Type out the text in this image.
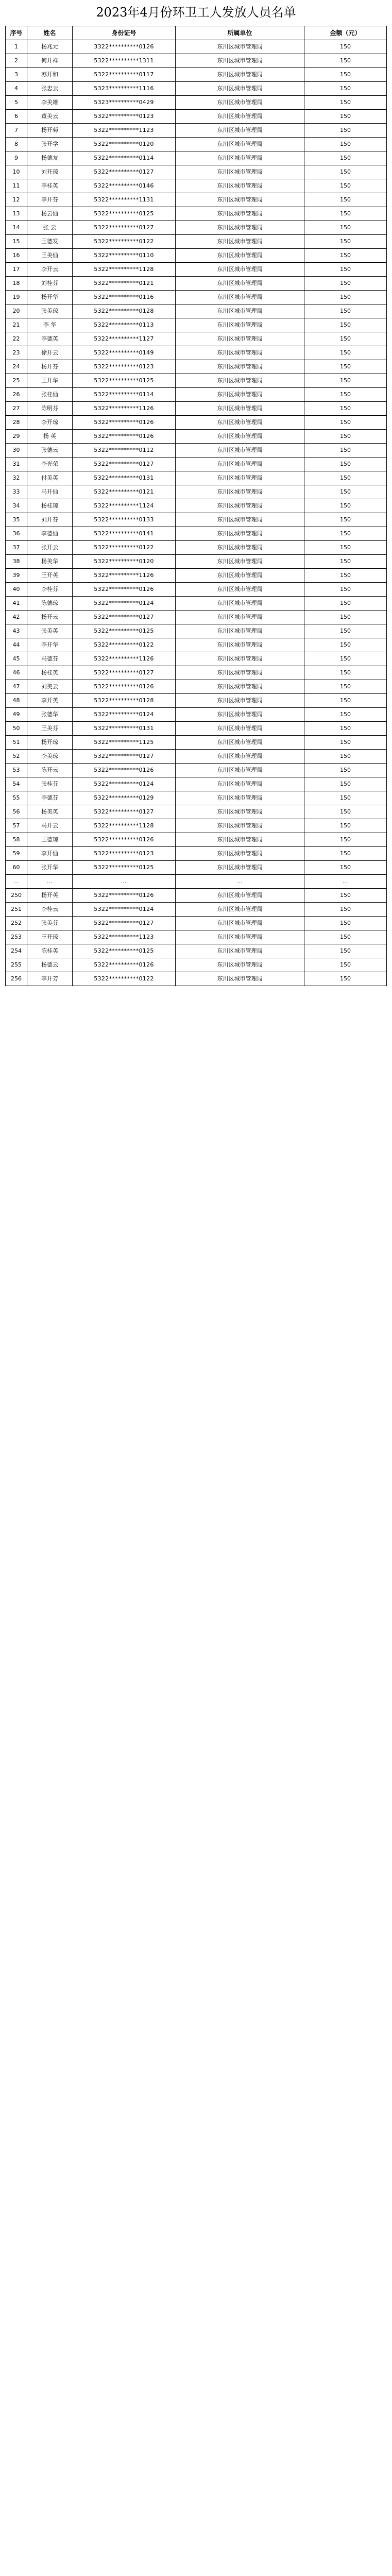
2023年4月份环卫工人发放人员名单
序号	姓名	身份证号	所属单位	金额（元）
1	杨兆元	3322**********0126	东川区城市管理局	150
2	何开祥	5322**********1311	东川区城市管理局	150
3	苏开和	5322**********0117	东川区城市管理局	150
4	张忠云	5323**********1116	东川区城市管理局	150
5	李美雄	5323**********0429	东川区城市管理局	150
6	董美云	5322**********0123	东川区城市管理局	150
7	杨开菊	5322**********1123	东川区城市管理局	150
8	张开学	5322**********0120	东川区城市管理局	150
9	杨德友	5322**********0114	东川区城市管理局	150
10	刘开琼	5322**********0127	东川区城市管理局	150
11	李桂英	5322**********0146	东川区城市管理局	150
12	李开芬	5322**********1131	东川区城市管理局	150
13	杨云仙	5322**********0125	东川区城市管理局	150
14	张 云	5322**********0127	东川区城市管理局	150
15	王德发	5322**********0122	东川区城市管理局	150
16	王美仙	5322**********0110	东川区城市管理局	150
17	李开云	5322**********1128	东川区城市管理局	150
18	刘桂芬	5322**********0121	东川区城市管理局	150
19	杨开华	5322**********0116	东川区城市管理局	150
20	张美琼	5322**********0128	东川区城市管理局	150
21	李 华	5322**********0113	东川区城市管理局	150
22	李德英	5322**********1127	东川区城市管理局	150
23	徐开云	5322**********0149	东川区城市管理局	150
24	杨开芬	5322**********0123	东川区城市管理局	150
25	王开华	5322**********0125	东川区城市管理局	150
26	张桂仙	5322**********0114	东川区城市管理局	150
27	陈明芬	5322**********1126	东川区城市管理局	150
28	李开琼	5322**********0126	东川区城市管理局	150
29	杨 英	5322**********0126	东川区城市管理局	150
30	张德云	5322**********0112	东川区城市管理局	150
31	李光荣	5322**********0127	东川区城市管理局	150
32	付美英	5322**********0131	东川区城市管理局	150
33	马开仙	5322**********0121	东川区城市管理局	150
34	杨桂琼	5322**********1124	东川区城市管理局	150
35	刘开芬	5322**********0133	东川区城市管理局	150
36	李德仙	5322**********0141	东川区城市管理局	150
37	张开云	5322**********0122	东川区城市管理局	150
38	杨美华	5322**********0120	东川区城市管理局	150
39	王开英	5322**********1126	东川区城市管理局	150
40	李桂芬	5322**********0126	东川区城市管理局	150
41	陈德琼	5322**********0124	东川区城市管理局	150
42	杨开云	5322**********0127	东川区城市管理局	150
43	张美英	5322**********0125	东川区城市管理局	150
44	李开华	5322**********0122	东川区城市管理局	150
45	马德芬	5322**********1126	东川区城市管理局	150
46	杨桂英	5322**********0127	东川区城市管理局	150
47	刘美云	5322**********0126	东川区城市管理局	150
48	李开英	5322**********0128	东川区城市管理局	150
49	张德华	5322**********0124	东川区城市管理局	150
50	王美芬	5322**********0131	东川区城市管理局	150
51	杨开琼	5322**********1125	东川区城市管理局	150
52	李美琼	5322**********0127	东川区城市管理局	150
53	陈开云	5322**********0126	东川区城市管理局	150
54	张桂芬	5322**********0124	东川区城市管理局	150
55	李德芬	5322**********0129	东川区城市管理局	150
56	杨美英	5322**********0127	东川区城市管理局	150
57	马开云	5322**********1128	东川区城市管理局	150
58	王德琼	5322**********0126	东川区城市管理局	150
59	李开仙	5322**********0123	东川区城市管理局	150
60	张开华	5322**********0125	东川区城市管理局	150
...	...	...	...	...
250	杨开英	5322**********0126	东川区城市管理局	150
251	李桂云	5322**********0124	东川区城市管理局	150
252	张美芬	5322**********0127	东川区城市管理局	150
253	王开琼	5322**********1123	东川区城市管理局	150
254	陈桂英	5322**********0125	东川区城市管理局	150
255	杨德云	5322**********0126	东川区城市管理局	150
256	李开芳	5322**********0122	东川区城市管理局	150
